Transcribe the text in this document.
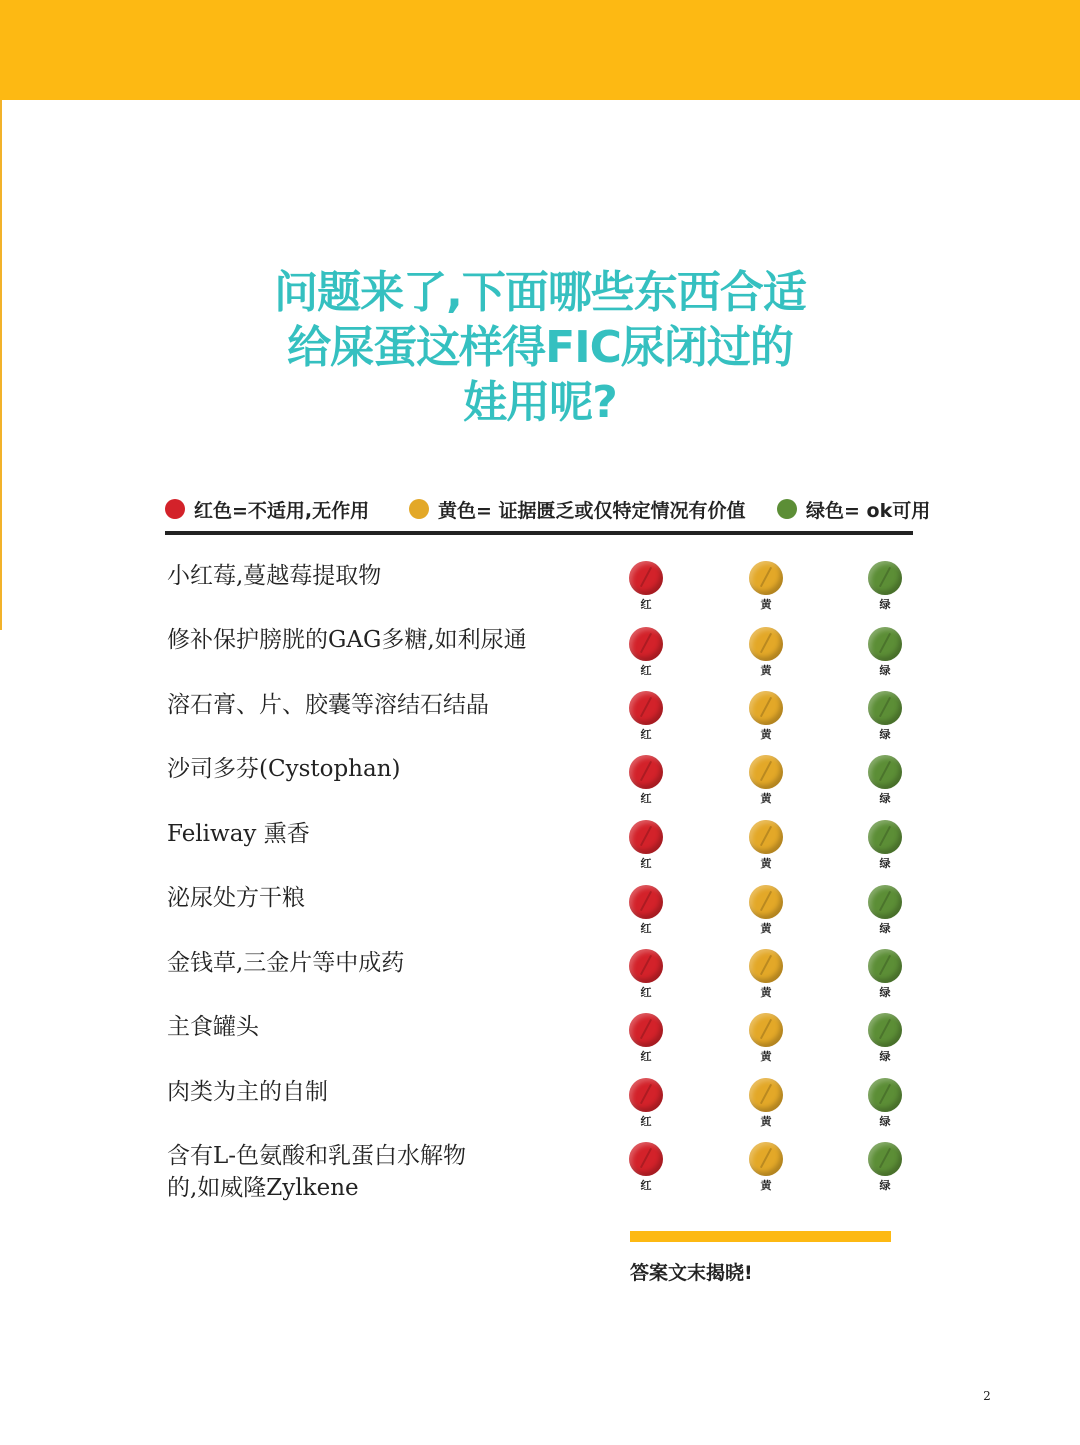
问题来了,下面哪些东西合适
给屎蛋这样得FIC尿闭过的
娃用呢?
红色=不适用,无作用	黄色= 证据匮乏或仅特定情况有价值	绿色= ok可用
小红莓,蔓越莓提取物
红	黄	绿
修补保护膀胱的GAG多糖,如利尿通
红	黄	绿
溶石膏、片、胶囊等溶结石结晶
红	黄	绿
沙司多芬(Cystophan)
红	黄	绿
Feliway 熏香
红	黄	绿
泌尿处方干粮
红	黄	绿
金钱草,三金片等中成药
红	黄	绿
主食罐头
红	黄	绿
肉类为主的自制
红	黄	绿
含有L-色氨酸和乳蛋白水解物
的,如威隆Zylkene	红	黄	绿
答案文末揭晓!
2
